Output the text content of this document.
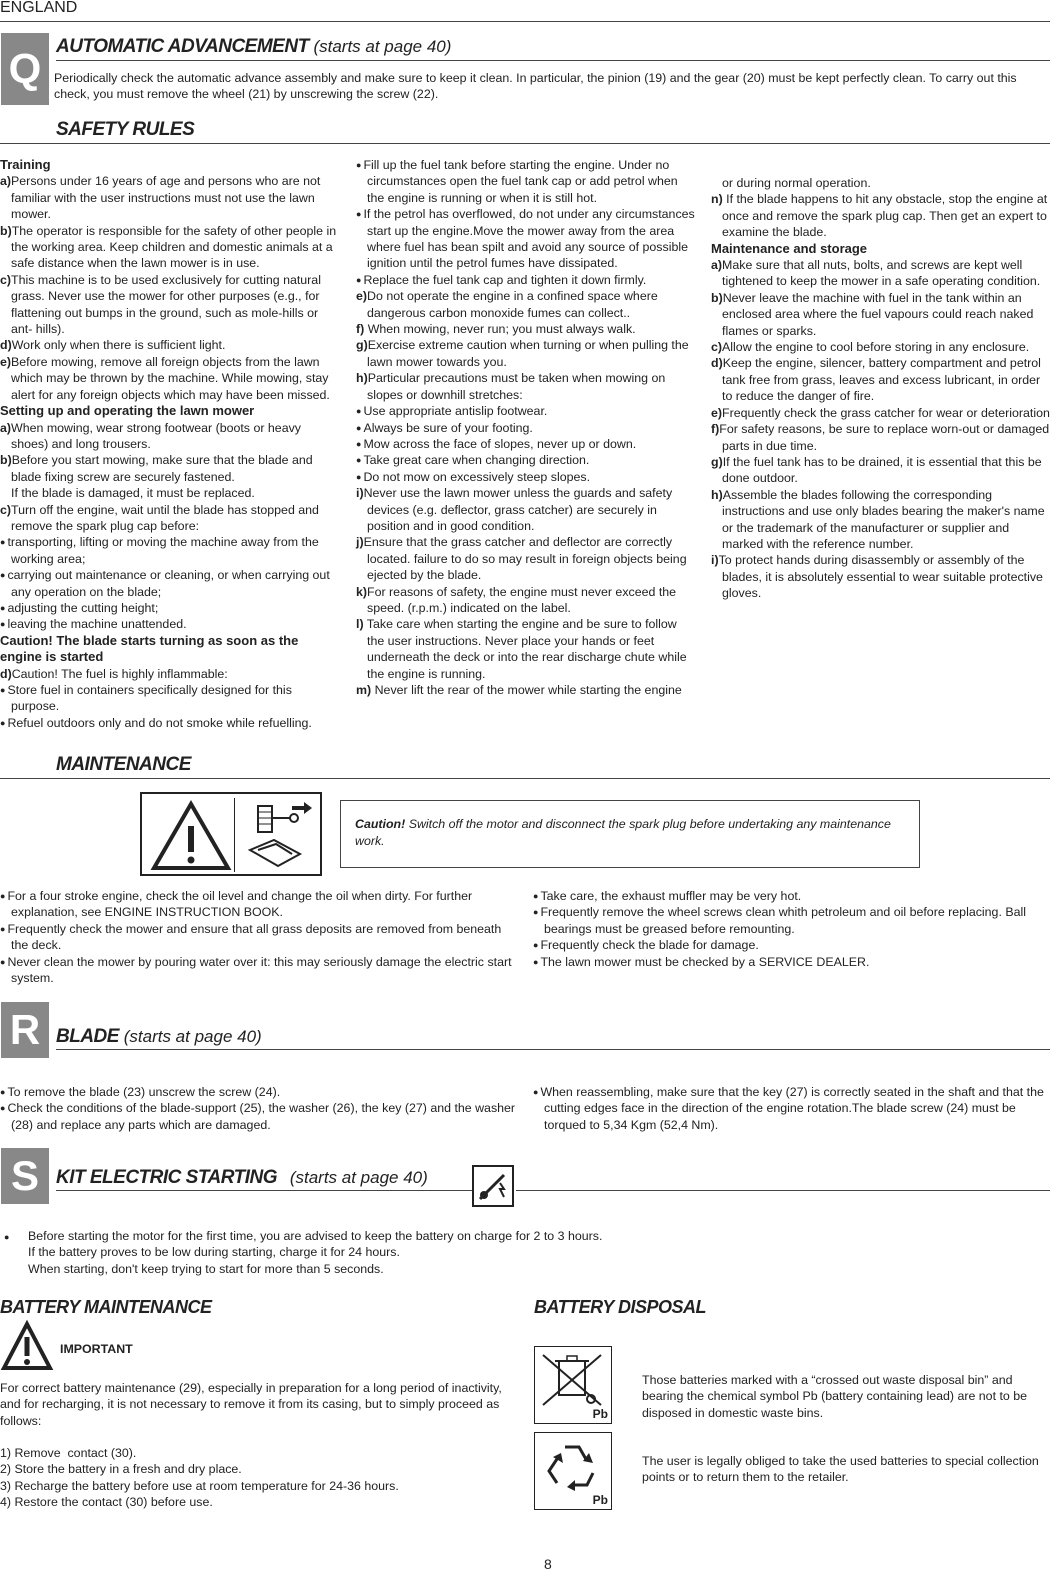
ENGLAND
Q AUTOMATIC ADVANCEMENT (starts at page 40)
Periodically check the automatic advance assembly and make sure to keep it clean. In particular, the pinion (19) and the gear (20) must be kept perfectly clean. To carry out this check, you must remove the wheel (21) by unscrewing the screw (22).
SAFETY RULES

Training

a)Persons under 16 years of age and persons who are not familiar with the user instructions must not use the lawn mower.

b)The operator is responsible for the safety of other people in the working area. Keep children and domestic animals at a safe distance when the lawn mower is in use.

c)This machine is to be used exclusively for cutting natural grass. Never use the mower for other purposes (e.g., for flattening out bumps in the ground, such as mole-hills or ant- hills).

d)Work only when there is sufficient light.

e)Before mowing, remove all foreign objects from the lawn which may be thrown by the machine. While mowing, stay alert for any foreign objects which may have been missed.

Setting up and operating the lawn mower

a)When mowing, wear strong footwear (boots or heavy shoes) and long trousers.

b)Before you start mowing, make sure that the blade and blade fixing screw are securely fastened.

If the blade is damaged, it must be replaced.

c)Turn off the engine, wait until the blade has stopped and remove the spark plug cap before:

● transporting, lifting or moving the machine away from the working area;

● carrying out maintenance or cleaning, or when carrying out any operation on the blade;

● adjusting the cutting height;

● leaving the machine unattended.

Caution! The blade starts turning as soon as the engine is started

d)Caution! The fuel is highly inflammable:

● Store fuel in containers specifically designed for this purpose.

● Refuel outdoors only and do not smoke while refuelling.

● Fill up the fuel tank before starting the engine. Under no circumstances open the fuel tank cap or add petrol when the engine is running or when it is still hot.

● If the petrol has overflowed, do not under any circumstances start up the engine.Move the mower away from the area where fuel has bean spilt and avoid any source of possible ignition until the petrol fumes have dissipated.

● Replace the fuel tank cap and tighten it down firmly.

e)Do not operate the engine in a confined space where dangerous carbon monoxide fumes can collect..

f) When mowing, never run; you must always walk.

g)Exercise extreme caution when turning or when pulling the lawn mower towards you.

h)Particular precautions must be taken when mowing on slopes or downhill stretches:

● Use appropriate antislip footwear.

● Always be sure of your footing.

● Mow across the face of slopes, never up or down.

● Take great care when changing direction.

● Do not mow on excessively steep slopes.

i)Never use the lawn mower unless the guards and safety devices (e.g. deflector, grass catcher) are securely in position and in good condition.

j)Ensure that the grass catcher and deflector are correctly located. failure to do so may result in foreign objects being ejected by the blade.

k)For reasons of safety, the engine must never exceed the speed. (r.p.m.) indicated on the label.

l) Take care when starting the engine and be sure to follow the user instructions. Never place your hands or feet underneath the deck or into the rear discharge chute while the engine is running.

m) Never lift the rear of the mower while starting the engine

or during normal operation.

n) If the blade happens to hit any obstacle, stop the engine at once and remove the spark plug cap. Then get an expert to examine the blade.

Maintenance and storage

a)Make sure that all nuts, bolts, and screws are kept well tightened to keep the mower in a safe operating condition.

b)Never leave the machine with fuel in the tank within an enclosed area where the fuel vapours could reach naked flames or sparks.

c)Allow the engine to cool before storing in any enclosure.

d)Keep the engine, silencer, battery compartment and petrol tank free from grass, leaves and excess lubricant, in order to reduce the danger of fire.

e)Frequently check the grass catcher for wear or deterioration

f)For safety reasons, be sure to replace worn-out or damaged parts in due time.

g)If the fuel tank has to be drained, it is essential that this be done outdoor.

h)Assemble the blades following the corresponding instructions and use only blades bearing the maker's name or the trademark of the manufacturer or supplier and marked with the reference number.

i)To protect hands during disassembly or assembly of the blades, it is absolutely essential to wear suitable protective gloves.

MAINTENANCE
Caution! Switch off the motor and disconnect the spark plug before undertaking any maintenance work.

● For a four stroke engine, check the oil level and change the oil when dirty. For further explanation, see ENGINE INSTRUCTION BOOK.

● Frequently check the mower and ensure that all grass deposits are removed from beneath the deck.

● Never clean the mower by pouring water over it: this may seriously damage the electric start system.

● Take care, the exhaust muffler may be very hot.

● Frequently remove the wheel screws clean whith petroleum and oil before replacing. Ball bearings must be greased before remounting.

● Frequently check the blade for damage.

● The lawn mower must be checked by a SERVICE DEALER.

R BLADE (starts at page 40)

● To remove the blade (23) unscrew the screw (24).

● Check the conditions of the blade-support (25), the washer (26), the key (27) and the washer (28) and replace any parts which are damaged.

● When reassembling, make sure that the key (27) is correctly seated in the shaft and that the cutting edges face in the direction of the engine rotation.The blade screw (24) must be torqued to 5,34 Kgm (52,4 Nm).

S KIT ELECTRIC STARTING (starts at page 40)
● Before starting the motor for the first time, you are advised to keep the battery on charge for 2 to 3 hours.
If the battery proves to be low during starting, charge it for 24 hours.
When starting, don't keep trying to start for more than 5 seconds.
BATTERY MAINTENANCE
IMPORTANT
For correct battery maintenance (29), especially in preparation for a long period of inactivity, and for recharging, it is not necessary to remove it from its casing, but to simply proceed as follows:
1) Remove  contact (30).
2) Store the battery in a fresh and dry place.
3) Recharge the battery before use at room temperature for 24-36 hours.
4) Restore the contact (30) before use.
BATTERY DISPOSAL
Pb
Those batteries marked with a “crossed out waste disposal bin” and bearing the chemical symbol Pb (battery containing lead) are not to be disposed in domestic waste bins.
Pb
The user is legally obliged to take the used batteries to special collection points or to return them to the retailer.
8
